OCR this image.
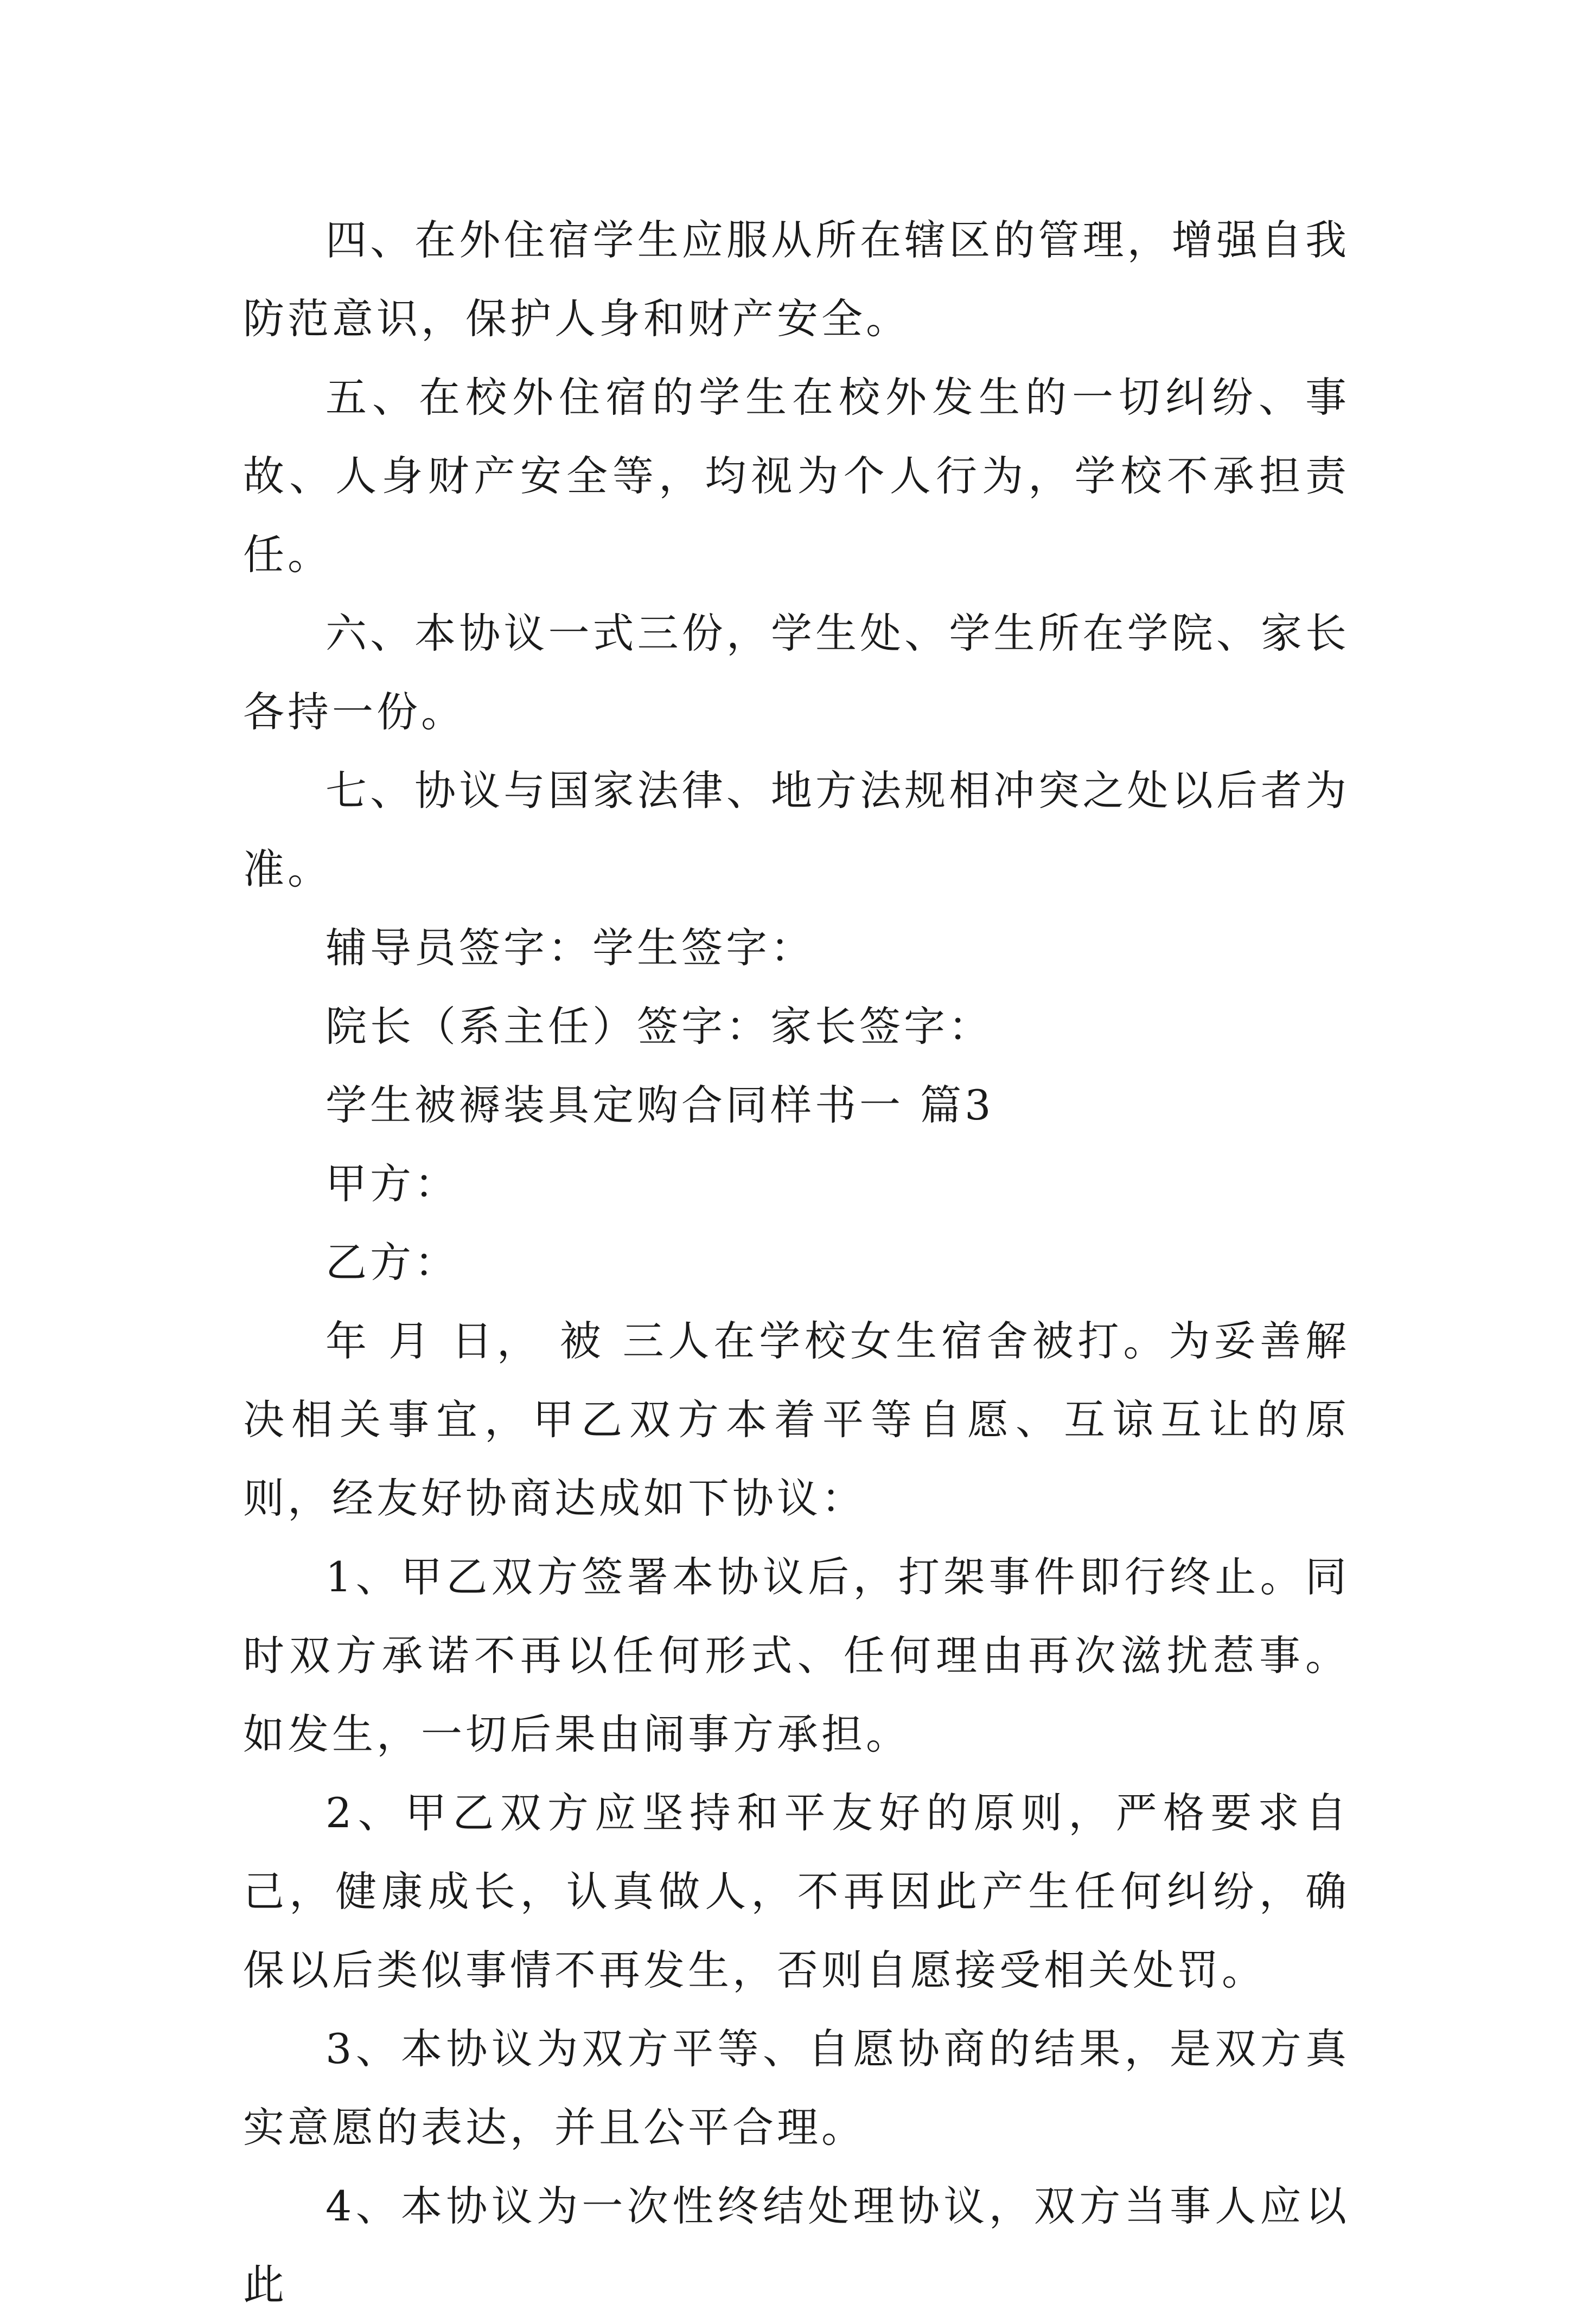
四、在外住宿学生应服从所在辖区的管理，增强自我防范意识，保护人身和财产安全。

五、在校外住宿的学生在校外发生的一切纠纷、事故、人身财产安全等，均视为个人行为，学校不承担责任。

六、本协议一式三份，学生处、学生所在学院、家长各持一份。

七、协议与国家法律、地方法规相冲突之处以后者为准。

辅导员签字：学生签字：

院长（系主任）签字：家长签字：

学生被褥装具定购合同样书一 篇3

甲方：

乙方：

年 月 日， 被 三人在学校女生宿舍被打。为妥善解决相关事宜，甲乙双方本着平等自愿、互谅互让的原则，经友好协商达成如下协议：

1、甲乙双方签署本协议后，打架事件即行终止。同时双方承诺不再以任何形式、任何理由再次滋扰惹事。如发生，一切后果由闹事方承担。

2、甲乙双方应坚持和平友好的原则，严格要求自己，健康成长，认真做人，不再因此产生任何纠纷，确保以后类似事情不再发生，否则自愿接受相关处罚。

3、本协议为双方平等、自愿协商的结果，是双方真实意愿的表达，并且公平合理。

4、本协议为一次性终结处理协议，双方当事人应以此
